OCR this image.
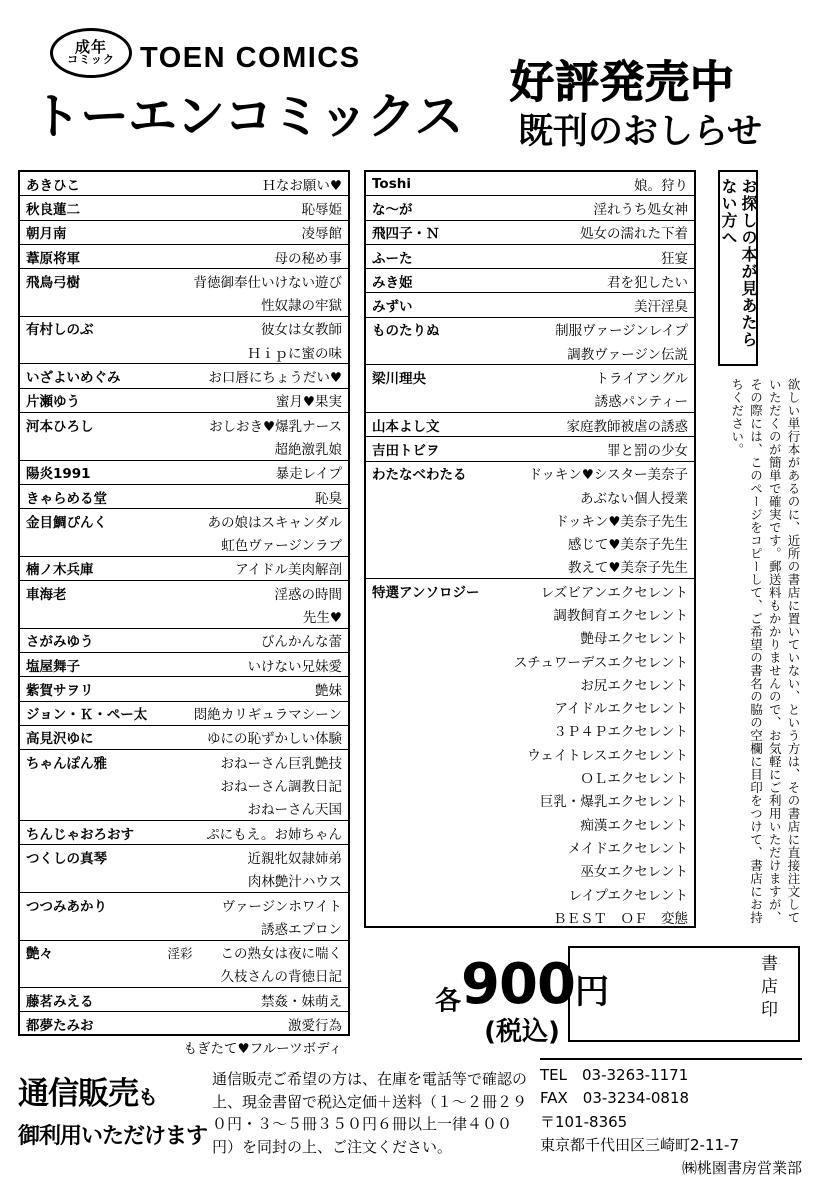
成年
コミック TOEN COMICS
トーエンコミックス
好評発売中
既刊のおしらせ
あきひこ	Ｈなお願い♥
秋良蓮二	恥辱姫
朝月南	凌辱館
葦原将軍	母の秘め事
飛鳥弓樹	背徳御奉仕いけない遊び
	性奴隷の牢獄
有村しのぶ	彼女は女教師
	Ｈｉｐに蜜の味
いざよいめぐみ	お口唇にちょうだい♥
片瀬ゆう	蜜月♥果実
河本ひろし	おしおき♥爆乳ナース
	超絶激乳娘
陽炎1991	暴走レイプ
きゃらめる堂	恥臭
金目鯛ぴんく	あの娘はスキャンダル
	虹色ヴァージンラブ
楠ノ木兵庫	アイドル美肉解剖
車海老	淫惑の時間
	先生♥
さがみゆう	びんかんな蕾
塩屋舞子	いけない兄妹愛
紫賀サヲリ	艶妹
ジョン・Ｋ・ペー太	悶絶カリギュラマシーン
高見沢ゆに	ゆにの恥ずかしい体験
ちゃんぽん雅	おねーさん巨乳艶技
	おねーさん調教日記
	おねーさん天国
ちんじゃおろおす	ぷにもえ。お姉ちゃん
つくしの真琴	近親牝奴隷姉弟
	肉林艶汁ハウス
つつみあかり	ヴァージンホワイト
	誘惑エプロン
艶々	淫彩 この熟女は夜に喘く
	久枝さんの背徳日記
藤茗みえる	禁姦・妹萌え
都夢たみお	激愛行為
	もぎたて♥フルーツボディ
Toshi	娘。狩り
な〜が	淫れうち処女神
飛四子・Ｎ	処女の濡れた下着
ふーた	狂宴
みき姫	君を犯したい
みずい	美汗淫臭
ものたりぬ	制服ヴァージンレイプ
	調教ヴァージン伝説
梁川理央	トライアングル
	誘惑パンティー
山本よし文	家庭教師被虐の誘惑
吉田トビヲ	罪と罰の少女
わたなべわたる	ドッキン♥シスター美奈子
	あぶない個人授業
	ドッキン♥美奈子先生
	感じて♥美奈子先生
	教えて♥美奈子先生
特選アンソロジー	レズビアンエクセレント
	調教飼育エクセレント
	艶母エクセレント
	スチュワーデスエクセレント
	お尻エクセレント
	アイドルエクセレント
	３Ｐ４Ｐエクセレント
	ウェイトレスエクセレント
	ＯＬエクセレント
	巨乳・爆乳エクセレント
	痴漢エクセレント
	メイドエクセレント
	巫女エクセレント
	レイプエクセレント
	ＢＥＳＴ　ＯＦ　変態
お探しの本が見あたらない方へ
欲しい単行本があるのに、近所の書店に置いていない、という方は、その書店に直接注文していただくのが簡単で確実です。郵送料もかかりませんので、お気軽にご利用いただけますが、その際には、このページをコピーして、ご希望の書名の脇の空欄に目印をつけて、書店にお持ちください。
各900円
(税込)
書店印
通信販売も
御利用いただけます
通信販売ご希望の方は、在庫を電話等で確認の上、現金書留で税込定価＋送料（１〜２冊２９０円・３〜５冊３５０円６冊以上一律４００円）を同封の上、ご注文ください。
TEL　03-3263-1171
FAX　03-3234-0818
〒101-8365
東京都千代田区三崎町2-11-7
㈱桃園書房営業部
